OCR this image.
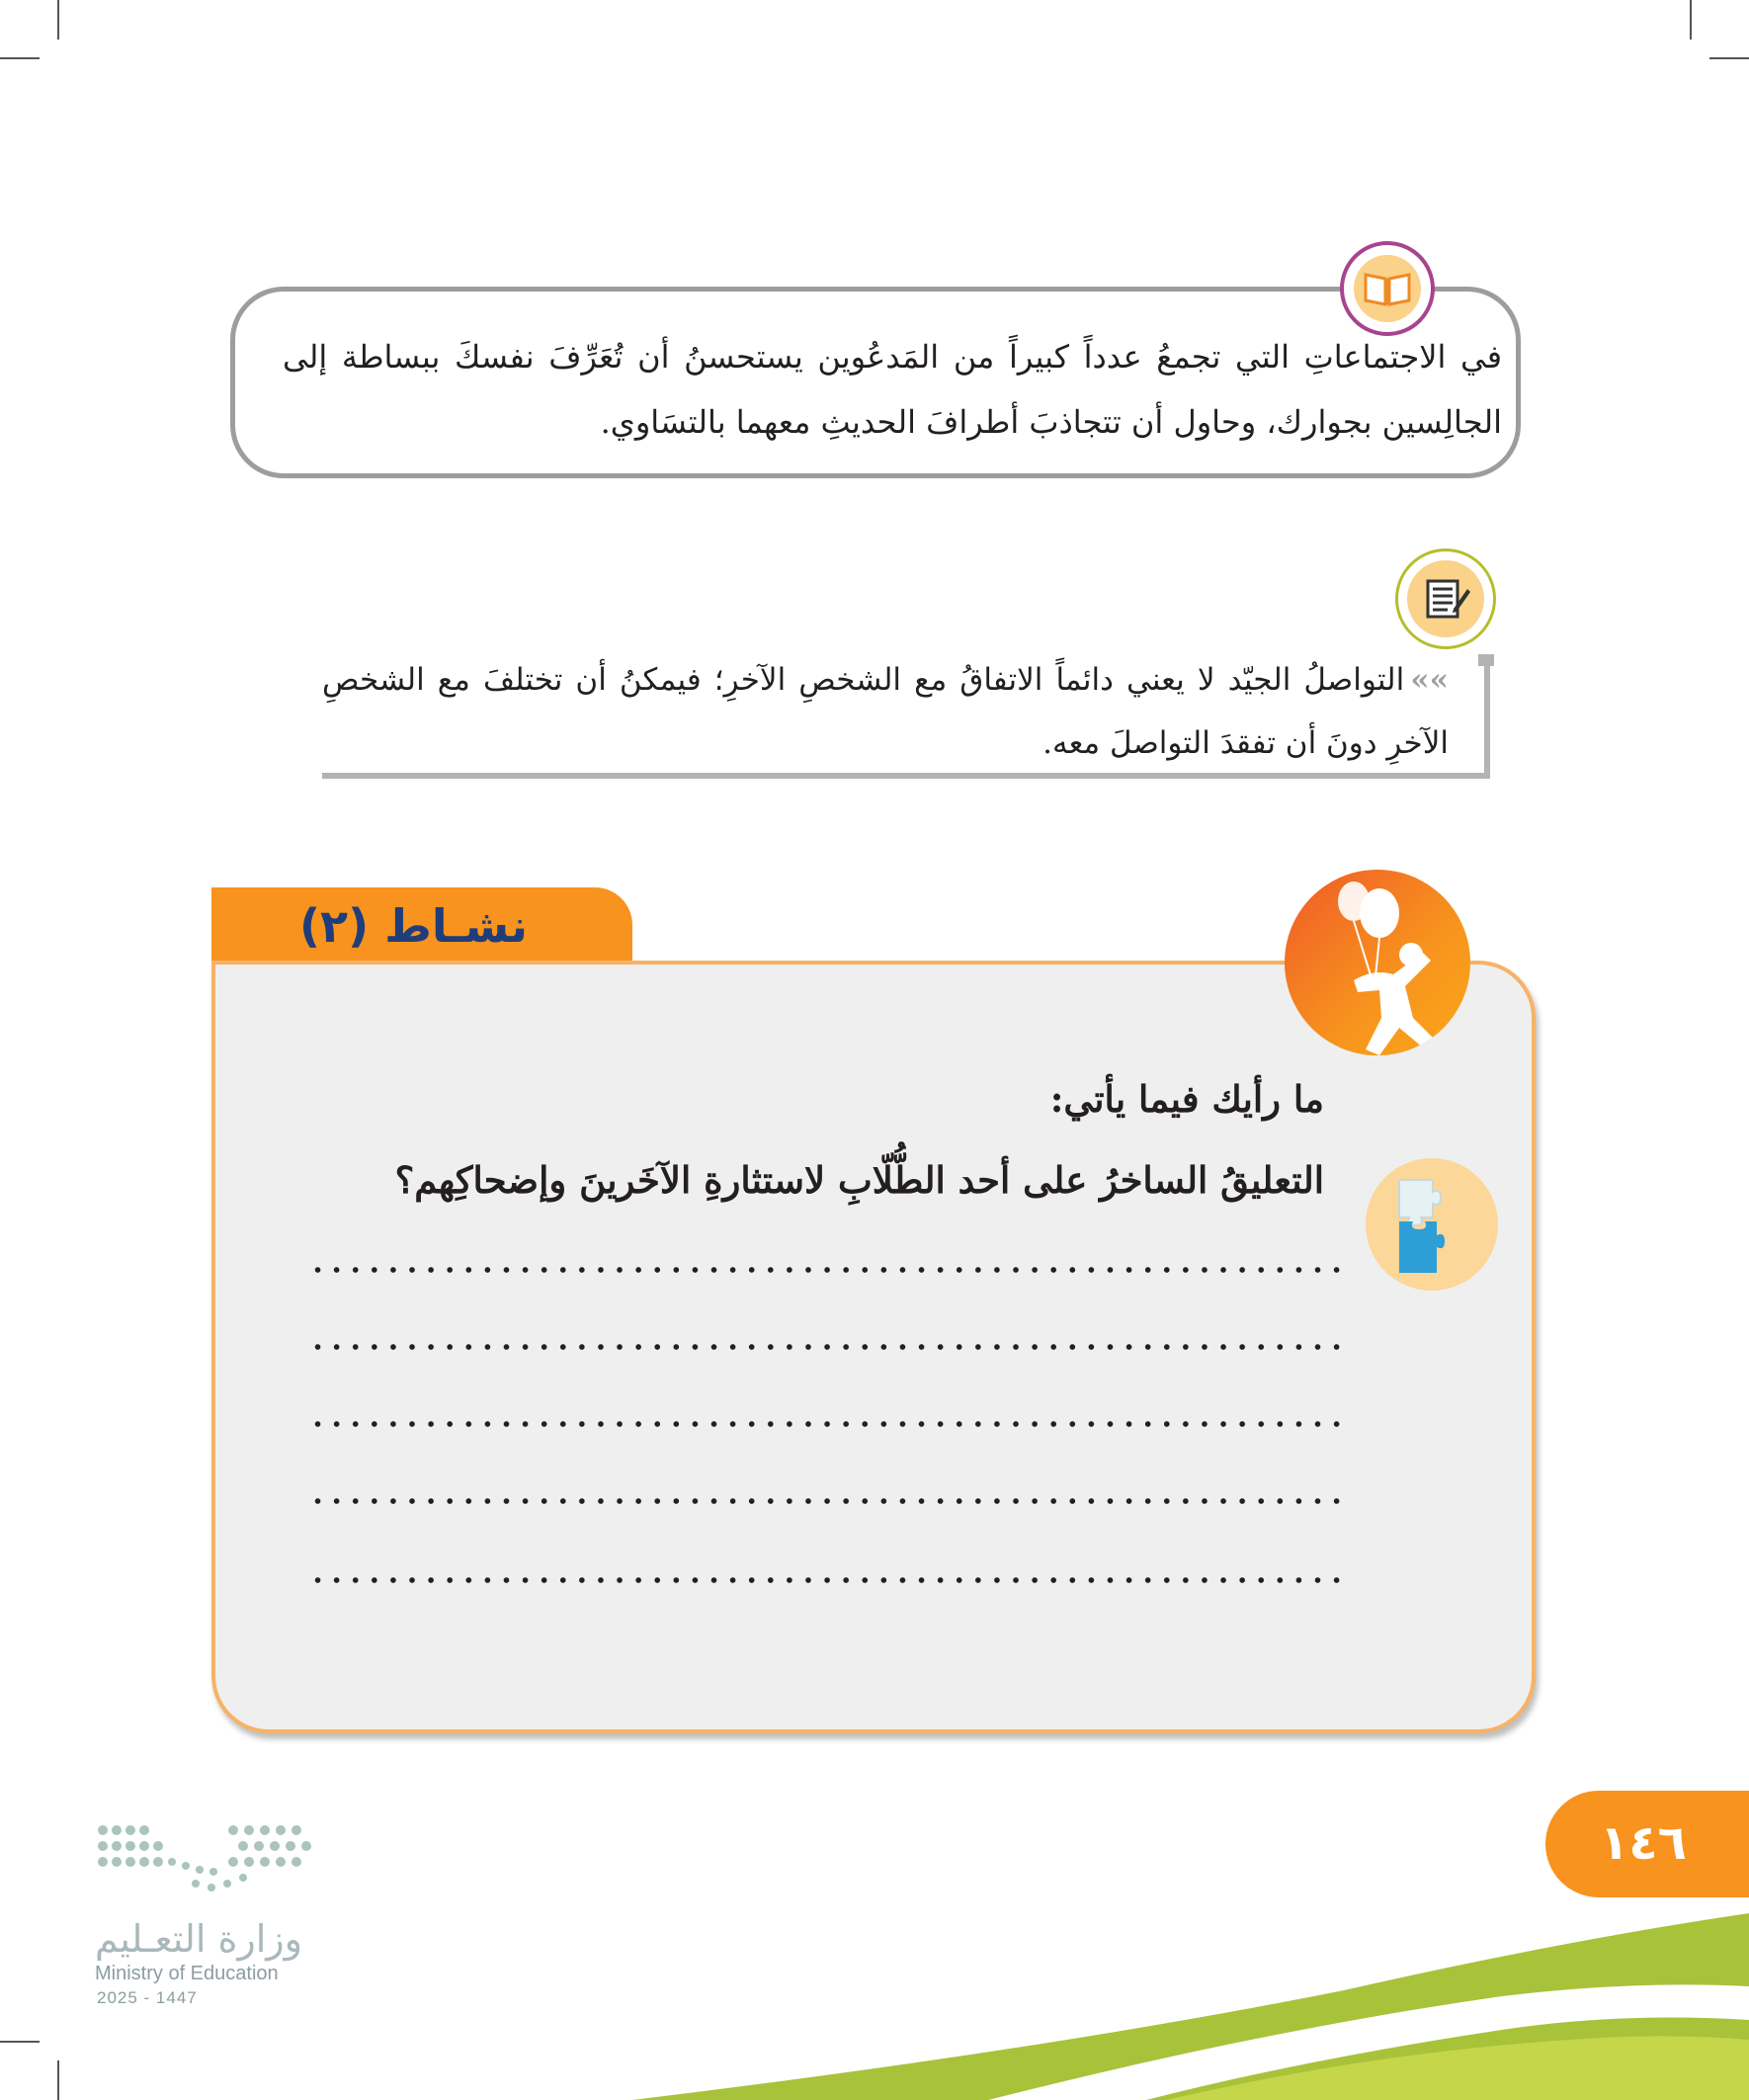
في الاجتماعاتِ التي تجمعُ عدداً كبيراً من المَدعُوين يستحسنُ أن تُعَرِّفَ نفسكَ ببساطة إلى الجالِسين بجوارك، وحاول أن تتجاذبَ أطرافَ الحديثِ معهما بالتسَاوي.
»»التواصلُ الجيّد لا يعني دائماً الاتفاقُ مع الشخصِ الآخرِ؛ فيمكنُ أن تختلفَ مع الشخصِ الآخرِ دونَ أن تفقدَ التواصلَ معه.
نشـاط (٢)
ما رأيك فيما يأتي:
التعليقُ الساخرُ على أحد الطُّلّابِ لاستثارةِ الآخَرينَ وإضحاكِهم؟
١٤٦
وزارة التعـليم
Ministry of Education
2025 - 1447
